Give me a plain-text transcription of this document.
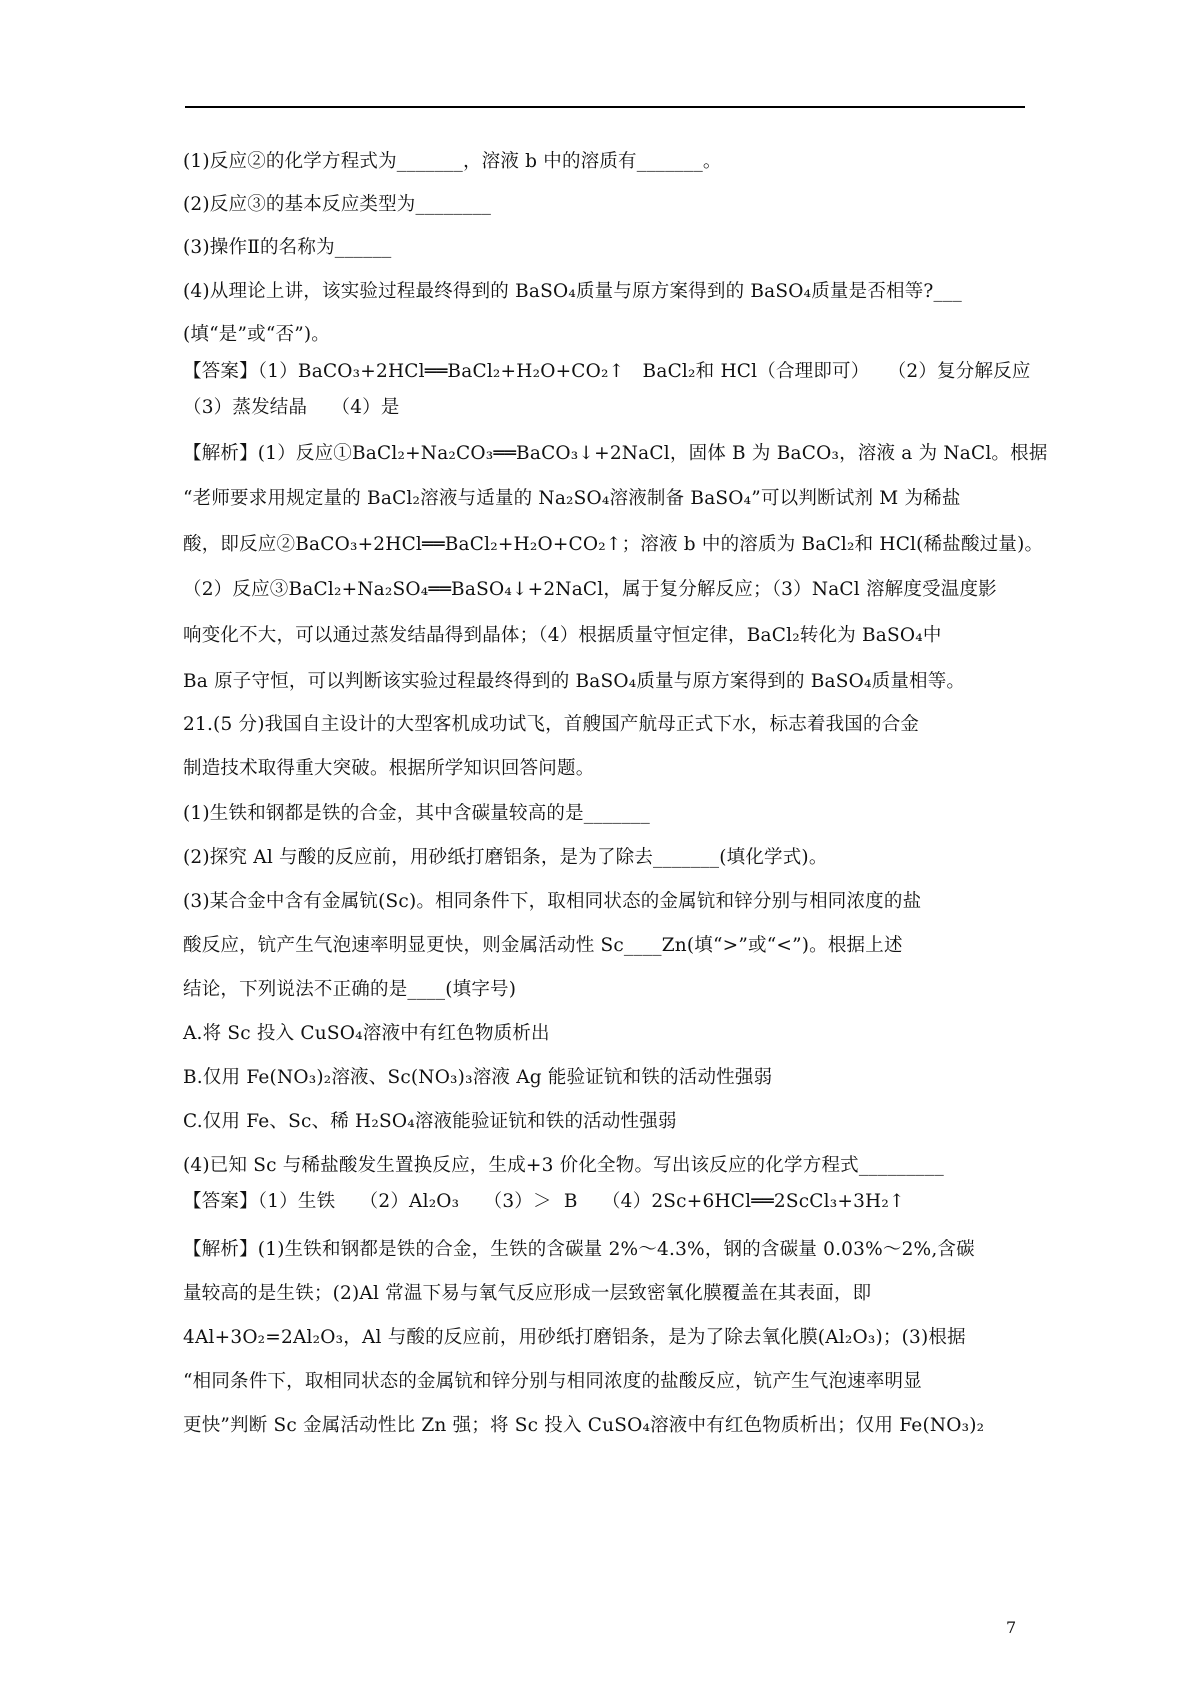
(1)反应②的化学方程式为_______，溶液 b 中的溶质有_______。
(2)反应③的基本反应类型为________
(3)操作Ⅱ的名称为______
(4)从理论上讲，该实验过程最终得到的 BaSO₄质量与原方案得到的 BaSO₄质量是否相等?___
(填“是”或“否”)。
【答案】（1）BaCO₃+2HCl══BaCl₂+H₂O+CO₂↑   BaCl₂和 HCl（合理即可）   （2）复分解反应
（3）蒸发结晶    （4）是
【解析】(1）反应①BaCl₂+Na₂CO₃══BaCO₃↓+2NaCl，固体 B 为 BaCO₃，溶液 a 为 NaCl。根据
“老师要求用规定量的 BaCl₂溶液与适量的 Na₂SO₄溶液制备 BaSO₄”可以判断试剂 M 为稀盐
酸，即反应②BaCO₃+2HCl══BaCl₂+H₂O+CO₂↑；溶液 b 中的溶质为 BaCl₂和 HCl(稀盐酸过量)。
（2）反应③BaCl₂+Na₂SO₄══BaSO₄↓+2NaCl，属于复分解反应；（3）NaCl 溶解度受温度影
响变化不大，可以通过蒸发结晶得到晶体；（4）根据质量守恒定律，BaCl₂转化为 BaSO₄中
Ba 原子守恒，可以判断该实验过程最终得到的 BaSO₄质量与原方案得到的 BaSO₄质量相等。
21.(5 分)我国自主设计的大型客机成功试飞，首艘国产航母正式下水，标志着我国的合金
制造技术取得重大突破。根据所学知识回答问题。
(1)生铁和钢都是铁的合金，其中含碳量较高的是_______
(2)探究 Al 与酸的反应前，用砂纸打磨铝条，是为了除去_______(填化学式)。
(3)某合金中含有金属钪(Sc)。相同条件下，取相同状态的金属钪和锌分别与相同浓度的盐
酸反应，钪产生气泡速率明显更快，则金属活动性 Sc____Zn(填“>”或“<”)。根据上述
结论，下列说法不正确的是____(填字号)
A.将 Sc 投入 CuSO₄溶液中有红色物质析出
B.仅用 Fe(NO₃)₂溶液、Sc(NO₃)₃溶液 Ag 能验证钪和铁的活动性强弱
C.仅用 Fe、Sc、稀 H₂SO₄溶液能验证钪和铁的活动性强弱
(4)已知 Sc 与稀盐酸发生置换反应，生成+3 价化全物。写出该反应的化学方程式_________
【答案】（1）生铁    （2）Al₂O₃    （3）＞  B    （4）2Sc+6HCl══2ScCl₃+3H₂↑
【解析】(1)生铁和钢都是铁的合金，生铁的含碳量 2%～4.3%，钢的含碳量 0.03%～2%,含碳
量较高的是生铁；(2)Al 常温下易与氧气反应形成一层致密氧化膜覆盖在其表面，即
4Al+3O₂=2Al₂O₃，Al 与酸的反应前，用砂纸打磨铝条，是为了除去氧化膜(Al₂O₃)；(3)根据
“相同条件下，取相同状态的金属钪和锌分别与相同浓度的盐酸反应，钪产生气泡速率明显
更快”判断 Sc 金属活动性比 Zn 强；将 Sc 投入 CuSO₄溶液中有红色物质析出；仅用 Fe(NO₃)₂
7
